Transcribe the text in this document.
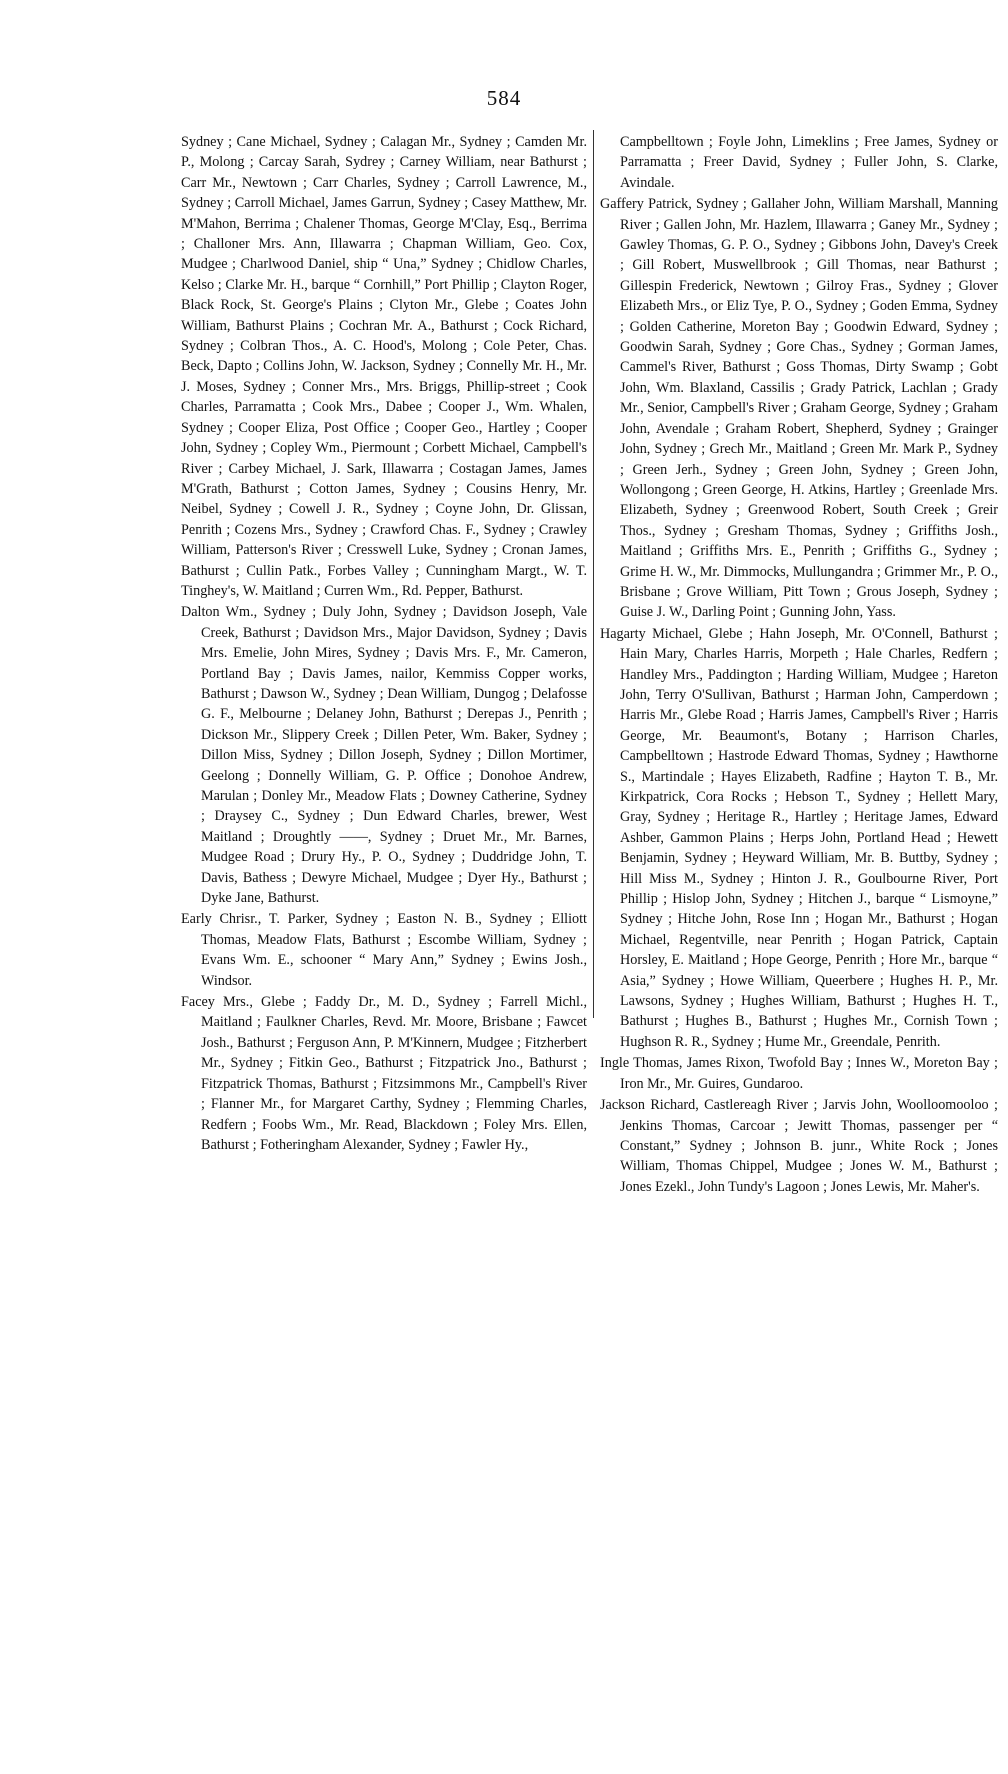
584

Sydney ; Cane Michael, Sydney ; Calagan Mr., Sydney ; Camden Mr. P., Molong ; Carcay Sarah, Sydrey ; Carney William, near Bathurst ; Carr Mr., Newtown ; Carr Charles, Sydney ; Carroll Lawrence, M., Sydney ; Carroll Michael, James Garrun, Sydney ; Casey Matthew, Mr. M'Mahon, Berrima ; Chalener Thomas, George M'Clay, Esq., Berrima ; Challoner Mrs. Ann, Illawarra ; Chapman William, Geo. Cox, Mudgee ; Charlwood Daniel, ship “ Una,” Sydney ; Chidlow Charles, Kelso ; Clarke Mr. H., barque “ Cornhill,” Port Phillip ; Clayton Roger, Black Rock, St. George's Plains ; Clyton Mr., Glebe ; Coates John William, Bathurst Plains ; Cochran Mr. A., Bathurst ; Cock Richard, Sydney ; Colbran Thos., A. C. Hood's, Molong ; Cole Peter, Chas. Beck, Dapto ; Collins John, W. Jackson, Sydney ; Connelly Mr. H., Mr. J. Moses, Sydney ; Conner Mrs., Mrs. Briggs, Phillip-street ; Cook Charles, Parramatta ; Cook Mrs., Dabee ; Cooper J., Wm. Whalen, Sydney ; Cooper Eliza, Post Office ; Cooper Geo., Hartley ; Cooper John, Sydney ; Copley Wm., Piermount ; Corbett Michael, Campbell's River ; Carbey Michael, J. Sark, Illawarra ; Costagan James, James M'Grath, Bathurst ; Cotton James, Sydney ; Cousins Henry, Mr. Neibel, Sydney ; Cowell J. R., Sydney ; Coyne John, Dr. Glissan, Penrith ; Cozens Mrs., Sydney ; Crawford Chas. F., Sydney ; Crawley William, Patterson's River ; Cresswell Luke, Sydney ; Cronan James, Bathurst ; Cullin Patk., Forbes Valley ; Cunningham Margt., W. T. Tinghey's, W. Maitland ; Curren Wm., Rd. Pepper, Bathurst.

Dalton Wm., Sydney ; Duly John, Sydney ; Davidson Joseph, Vale Creek, Bathurst ; Davidson Mrs., Major Davidson, Sydney ; Davis Mrs. Emelie, John Mires, Sydney ; Davis Mrs. F., Mr. Cameron, Portland Bay ; Davis James, nailor, Kemmiss Copper works, Bathurst ; Dawson W., Sydney ; Dean William, Dungog ; Delafosse G. F., Melbourne ; Delaney John, Bathurst ; Derepas J., Penrith ; Dickson Mr., Slippery Creek ; Dillen Peter, Wm. Baker, Sydney ; Dillon Miss, Sydney ; Dillon Joseph, Sydney ; Dillon Mortimer, Geelong ; Donnelly William, G. P. Office ; Donohoe Andrew, Marulan ; Donley Mr., Meadow Flats ; Downey Catherine, Sydney ; Draysey C., Sydney ; Dun Edward Charles, brewer, West Maitland ; Droughtly ——, Sydney ; Druet Mr., Mr. Barnes, Mudgee Road ; Drury Hy., P. O., Sydney ; Duddridge John, T. Davis, Bathess ; Dewyre Michael, Mudgee ; Dyer Hy., Bathurst ; Dyke Jane, Bathurst.

Early Chrisr., T. Parker, Sydney ; Easton N. B., Sydney ; Elliott Thomas, Meadow Flats, Bathurst ; Escombe William, Sydney ; Evans Wm. E., schooner “ Mary Ann,” Sydney ; Ewins Josh., Windsor.

Facey Mrs., Glebe ; Faddy Dr., M. D., Sydney ; Farrell Michl., Maitland ; Faulkner Charles, Revd. Mr. Moore, Brisbane ; Fawcet Josh., Bathurst ; Ferguson Ann, P. M'Kinnern, Mudgee ; Fitzherbert Mr., Sydney ; Fitkin Geo., Bathurst ; Fitzpatrick Jno., Bathurst ; Fitzpatrick Thomas, Bathurst ; Fitzsimmons Mr., Campbell's River ; Flanner Mr., for Margaret Carthy, Sydney ; Flemming Charles, Redfern ; Foobs Wm., Mr. Read, Blackdown ; Foley Mrs. Ellen, Bathurst ; Fotheringham Alexander, Sydney ; Fawler Hy.,

Campbelltown ; Foyle John, Limeklins ; Free James, Sydney or Parramatta ; Freer David, Sydney ; Fuller John, S. Clarke, Avindale.

Gaffery Patrick, Sydney ; Gallaher John, William Marshall, Manning River ; Gallen John, Mr. Hazlem, Illawarra ; Ganey Mr., Sydney ; Gawley Thomas, G. P. O., Sydney ; Gibbons John, Davey's Creek ; Gill Robert, Muswellbrook ; Gill Thomas, near Bathurst ; Gillespin Frederick, Newtown ; Gilroy Fras., Sydney ; Glover Elizabeth Mrs., or Eliz Tye, P. O., Sydney ; Goden Emma, Sydney ; Golden Catherine, Moreton Bay ; Goodwin Edward, Sydney ; Goodwin Sarah, Sydney ; Gore Chas., Sydney ; Gorman James, Cammel's River, Bathurst ; Goss Thomas, Dirty Swamp ; Gobt John, Wm. Blaxland, Cassilis ; Grady Patrick, Lachlan ; Grady Mr., Senior, Campbell's River ; Graham George, Sydney ; Graham John, Avendale ; Graham Robert, Shepherd, Sydney ; Grainger John, Sydney ; Grech Mr., Maitland ; Green Mr. Mark P., Sydney ; Green Jerh., Sydney ; Green John, Sydney ; Green John, Wollongong ; Green George, H. Atkins, Hartley ; Greenlade Mrs. Elizabeth, Sydney ; Greenwood Robert, South Creek ; Greir Thos., Sydney ; Gresham Thomas, Sydney ; Griffiths Josh., Maitland ; Griffiths Mrs. E., Penrith ; Griffiths G., Sydney ; Grime H. W., Mr. Dimmocks, Mullungandra ; Grimmer Mr., P. O., Brisbane ; Grove William, Pitt Town ; Grous Joseph, Sydney ; Guise J. W., Darling Point ; Gunning John, Yass.

Hagarty Michael, Glebe ; Hahn Joseph, Mr. O'Connell, Bathurst ; Hain Mary, Charles Harris, Morpeth ; Hale Charles, Redfern ; Handley Mrs., Paddington ; Harding William, Mudgee ; Hareton John, Terry O'Sullivan, Bathurst ; Harman John, Camperdown ; Harris Mr., Glebe Road ; Harris James, Campbell's River ; Harris George, Mr. Beaumont's, Botany ; Harrison Charles, Campbelltown ; Hastrode Edward Thomas, Sydney ; Hawthorne S., Martindale ; Hayes Elizabeth, Radfine ; Hayton T. B., Mr. Kirkpatrick, Cora Rocks ; Hebson T., Sydney ; Hellett Mary, Gray, Sydney ; Heritage R., Hartley ; Heritage James, Edward Ashber, Gammon Plains ; Herps John, Portland Head ; Hewett Benjamin, Sydney ; Heyward William, Mr. B. Buttby, Sydney ; Hill Miss M., Sydney ; Hinton J. R., Goulbourne River, Port Phillip ; Hislop John, Sydney ; Hitchen J., barque “ Lismoyne,” Sydney ; Hitche John, Rose Inn ; Hogan Mr., Bathurst ; Hogan Michael, Regentville, near Penrith ; Hogan Patrick, Captain Horsley, E. Maitland ; Hope George, Penrith ; Hore Mr., barque “ Asia,” Sydney ; Howe William, Queerbere ; Hughes H. P., Mr. Lawsons, Sydney ; Hughes William, Bathurst ; Hughes H. T., Bathurst ; Hughes B., Bathurst ; Hughes Mr., Cornish Town ; Hughson R. R., Sydney ; Hume Mr., Greendale, Penrith.

Ingle Thomas, James Rixon, Twofold Bay ; Innes W., Moreton Bay ; Iron Mr., Mr. Guires, Gundaroo.

Jackson Richard, Castlereagh River ; Jarvis John, Woolloomooloo ; Jenkins Thomas, Carcoar ; Jewitt Thomas, passenger per “ Constant,” Sydney ; Johnson B. junr., White Rock ; Jones William, Thomas Chippel, Mudgee ; Jones W. M., Bathurst ; Jones Ezekl., John Tundy's Lagoon ; Jones Lewis, Mr. Maher's.
